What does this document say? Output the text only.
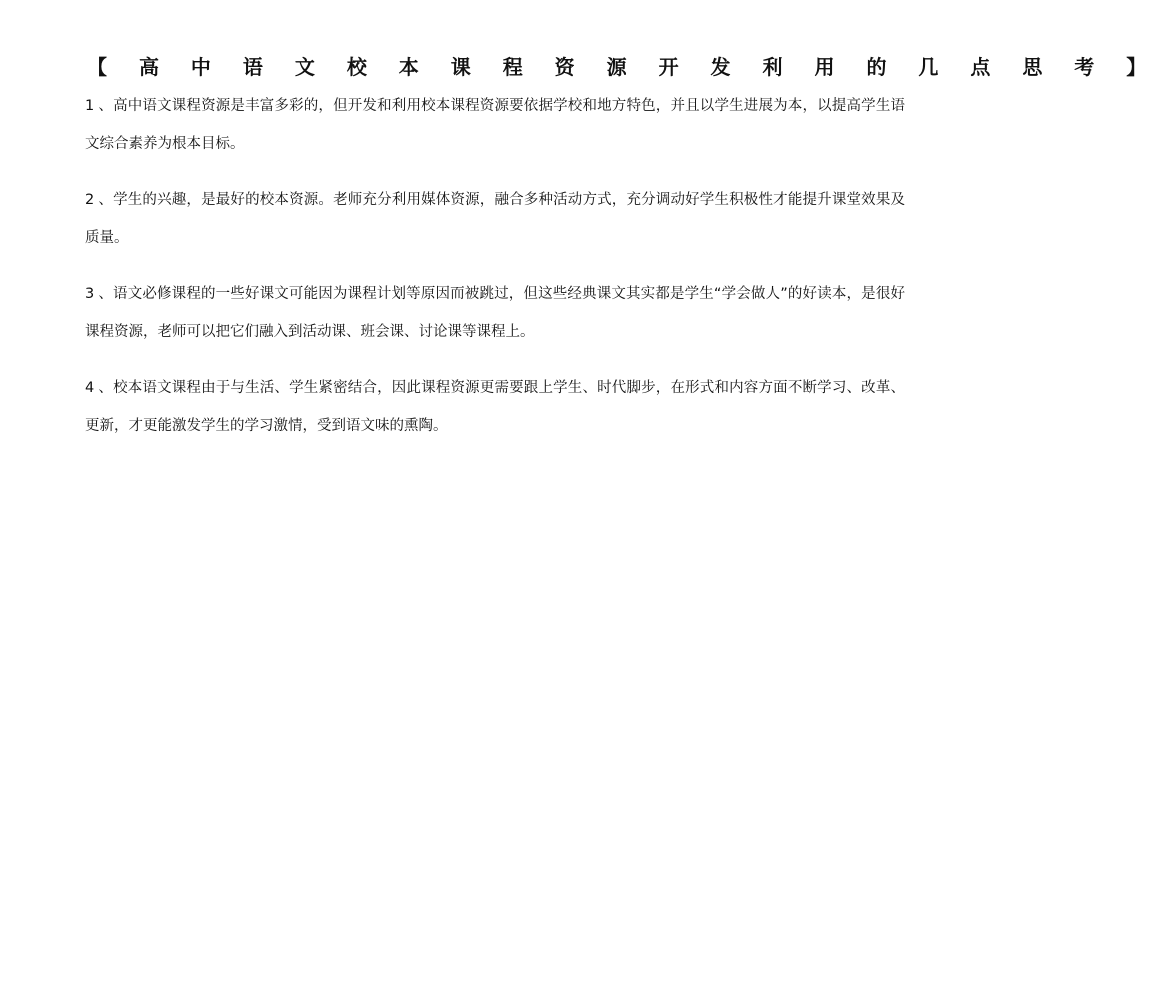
【 高 中 语 文 校 本 课 程 资 源 开 发 利 用 的 几 点 思 考 】

1 、高中语文课程资源是丰富多彩的，但开发和利用校本课程资源要依据学校和地方特色，并且以学生进展为本，以提高学生语文综合素养为根本目标。

2 、学生的兴趣，是最好的校本资源。老师充分利用媒体资源，融合多种活动方式，充分调动好学生积极性才能提升课堂效果及质量。

3 、语文必修课程的一些好课文可能因为课程计划等原因而被跳过，但这些经典课文其实都是学生“学会做人”的好读本，是很好课程资源，老师可以把它们融入到活动课、班会课、讨论课等课程上。

4 、校本语文课程由于与生活、学生紧密结合，因此课程资源更需要跟上学生、时代脚步，在形式和内容方面不断学习、改革、更新，才更能激发学生的学习激情，受到语文味的熏陶。
